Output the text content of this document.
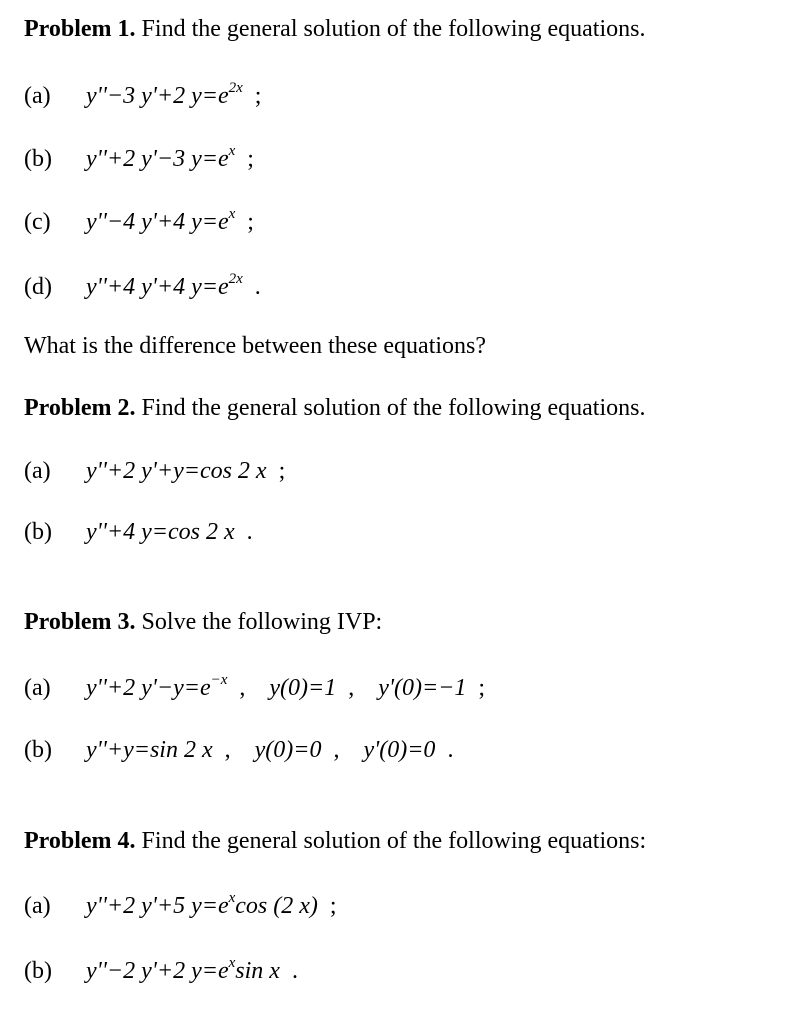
Problem 1. Find the general solution of the following equations.
(a) y''−3 y'+2 $y=e^{2x}$ ;
(b) y''+2 y'−3 $y=e^x$ ;
(c) y''−4 y'+4 $y=e^x$ ;
(d) y''+4 y'+4 $y=e^{2x}$ .
What is the difference between these equations?
Problem 2. Find the general solution of the following equations.
(a) y''+2 y'+y=cos 2 x ;
(b) y''+4 y=cos 2 x .
Problem 3. Solve the following IVP:
(a) y''+2 $y'-y=e^{-x}$ , y(0)=1 , y'(0)=−1 ;
(b) y''+y=sin 2 x , y(0)=0 , y'(0)=0 .
Problem 4. Find the general solution of the following equations:
(a) y''+2 y'+5 $y=e^x\cos$ (2 x) ;
(b) y''−2 y'+2 $y=e^x\sin$ x .
